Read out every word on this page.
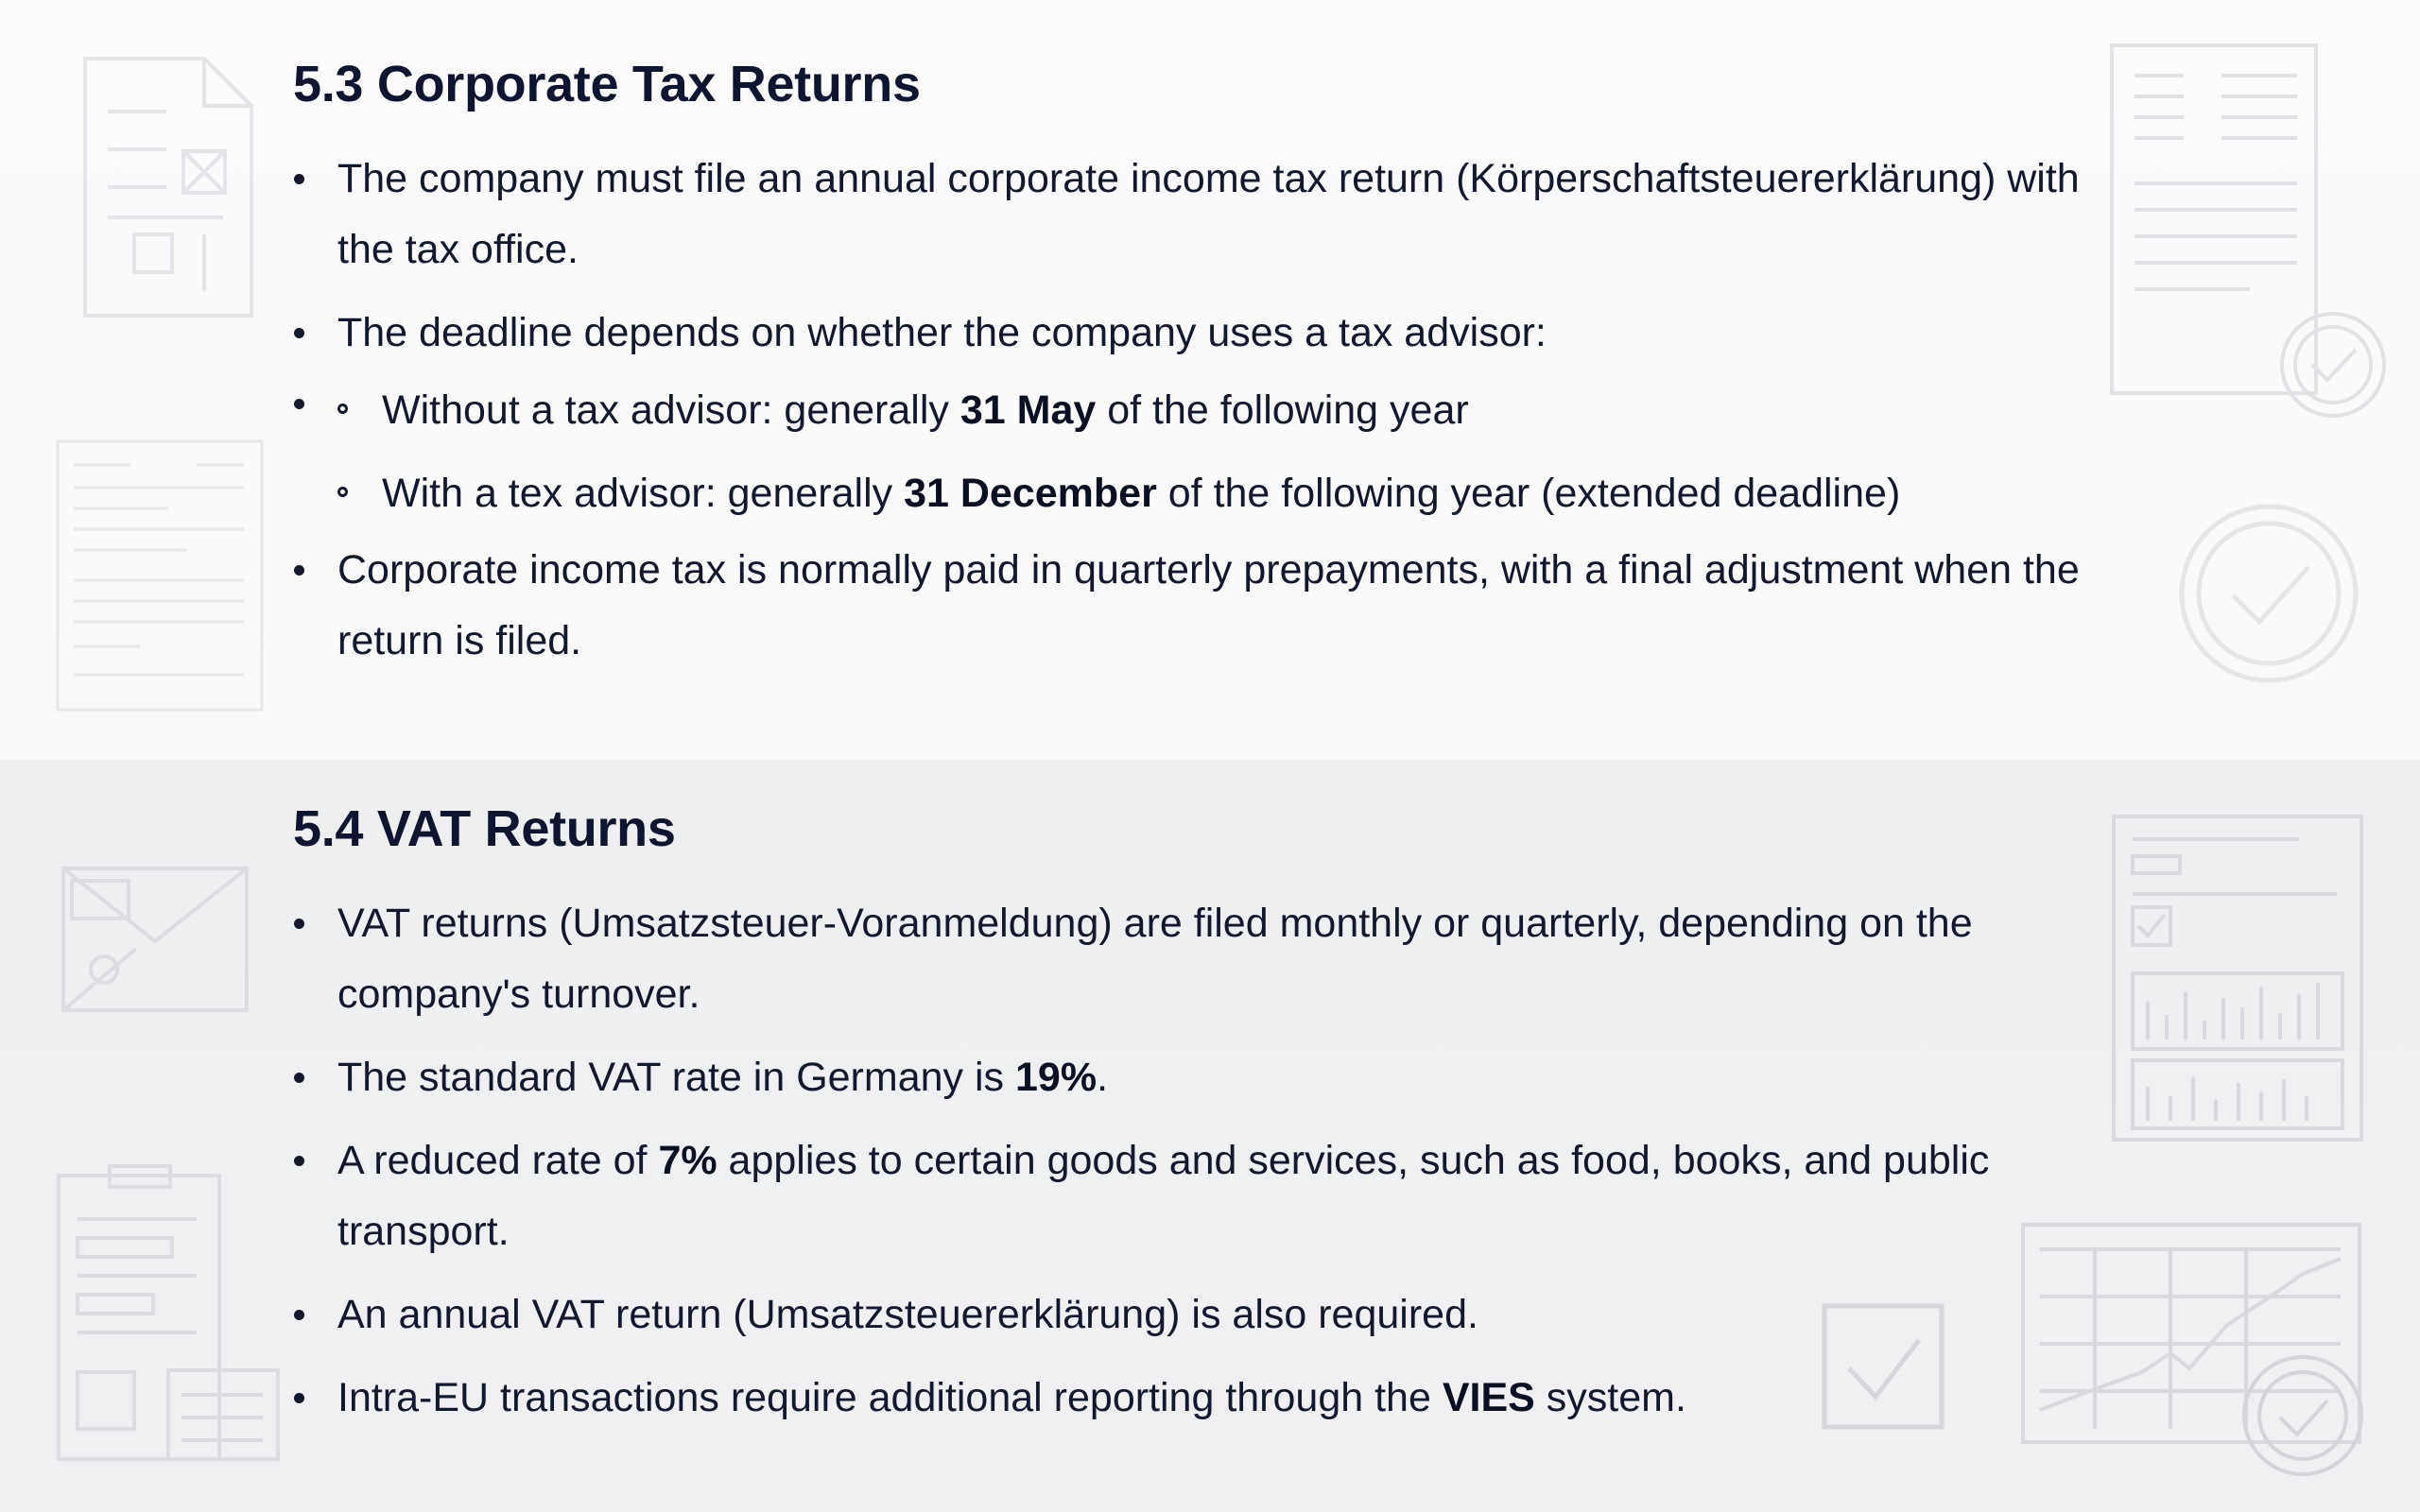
5.3 Corporate Tax Returns
The company must file an annual corporate income tax return (Körperschaftsteuererklärung) with the tax office.
The deadline depends on whether the company uses a tax advisor:
Without a tax advisor: generally 31 May of the following year
With a tex advisor: generally 31 December of the following year (extended deadline)
Corporate income tax is normally paid in quarterly prepayments, with a final adjustment when the return is filed.
5.4 VAT Returns
VAT returns (Umsatzsteuer-Voranmeldung) are filed monthly or quarterly, depending on the company's turnover.
The standard VAT rate in Germany is 19%.
A reduced rate of 7% applies to certain goods and services, such as food, books, and public transport.
An annual VAT return (Umsatzsteuererklärung) is also required.
Intra-EU transactions require additional reporting through the VIES system.
